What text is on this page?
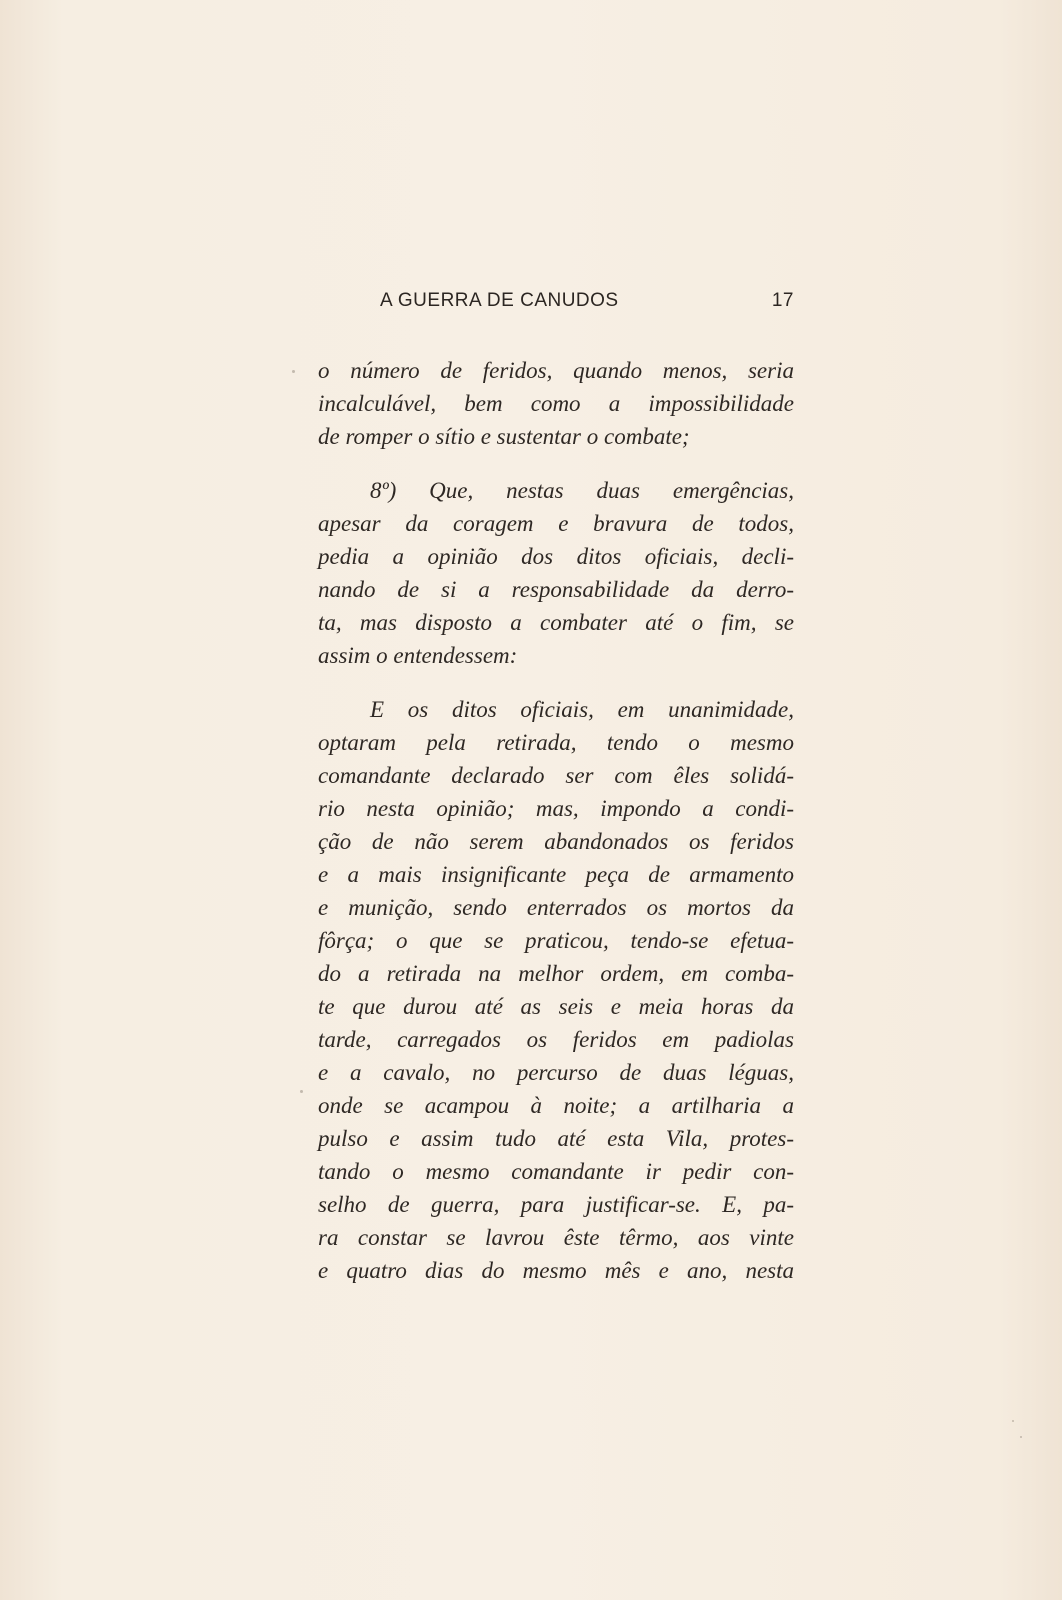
A GUERRA DE CANUDOS	17
o número de feridos, quando menos, seria
incalculável, bem como a impossibilidade
de romper o sítio e sustentar o combate;
8º) Que, nestas duas emergências,
apesar da coragem e bravura de todos,
pedia a opinião dos ditos oficiais, decli-
nando de si a responsabilidade da derro-
ta, mas disposto a combater até o fim, se
assim o entendessem:
E os ditos oficiais, em unanimidade,
optaram pela retirada, tendo o mesmo
comandante declarado ser com êles solidá-
rio nesta opinião; mas, impondo a condi-
ção de não serem abandonados os feridos
e a mais insignificante peça de armamento
e munição, sendo enterrados os mortos da
fôrça; o que se praticou, tendo-se efetua-
do a retirada na melhor ordem, em comba-
te que durou até as seis e meia horas da
tarde, carregados os feridos em padiolas
e a cavalo, no percurso de duas léguas,
onde se acampou à noite; a artilharia a
pulso e assim tudo até esta Vila, protes-
tando o mesmo comandante ir pedir con-
selho de guerra, para justificar-se. E, pa-
ra constar se lavrou êste têrmo, aos vinte
e quatro dias do mesmo mês e ano, nesta
